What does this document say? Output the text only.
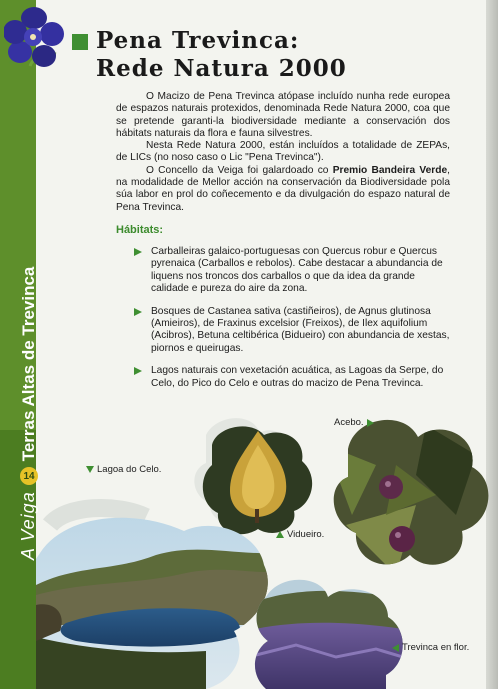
A Veiga
14
Terras Altas de Trevinca
Pena Trevinca:
Rede Natura 2000

O Macizo de Pena Trevinca atópase incluído nunha rede europea de espazos naturais protexidos, denominada Rede Natura 2000, coa que se pretende garanti-la biodiversidade mediante a conservación dos hábitats naturais da flora e fauna silvestres.

Nesta Rede Natura 2000, están incluídos a totalidade de ZEPAs, de LICs (no noso caso o Lic "Pena Trevinca").

O Concello da Veiga foi galardoado co Premio Bandeira Verde, na modalidade de Mellor acción na conservación da Biodiversidade pola súa labor en prol do coñecemento e da divulgación do espazo natural de Pena Trevinca.

Hábitats:
Carballeiras galaico-portuguesas con Quercus robur e Quercus pyrenaica (Carballos e rebolos). Cabe destacar a abundancia de liquens nos troncos dos carballos o que da idea da grande calidade e pureza do aire da zona.
Bosques de Castanea sativa (castiñeiros), de Agnus glutinosa (Amieiros), de Fraxinus excelsior (Freixos), de Ilex aquifolium (Acibros), Betuna celtibérica (Bidueiro) con abundancia de xestas, piornos e queirugas.
Lagos naturais con vexetación acuática, as Lagoas da Serpe, do Celo, do Pico do Celo e outras do macizo de Pena Trevinca.
Acebo.
Lagoa do Celo.
Vidueiro.
Trevinca en flor.
